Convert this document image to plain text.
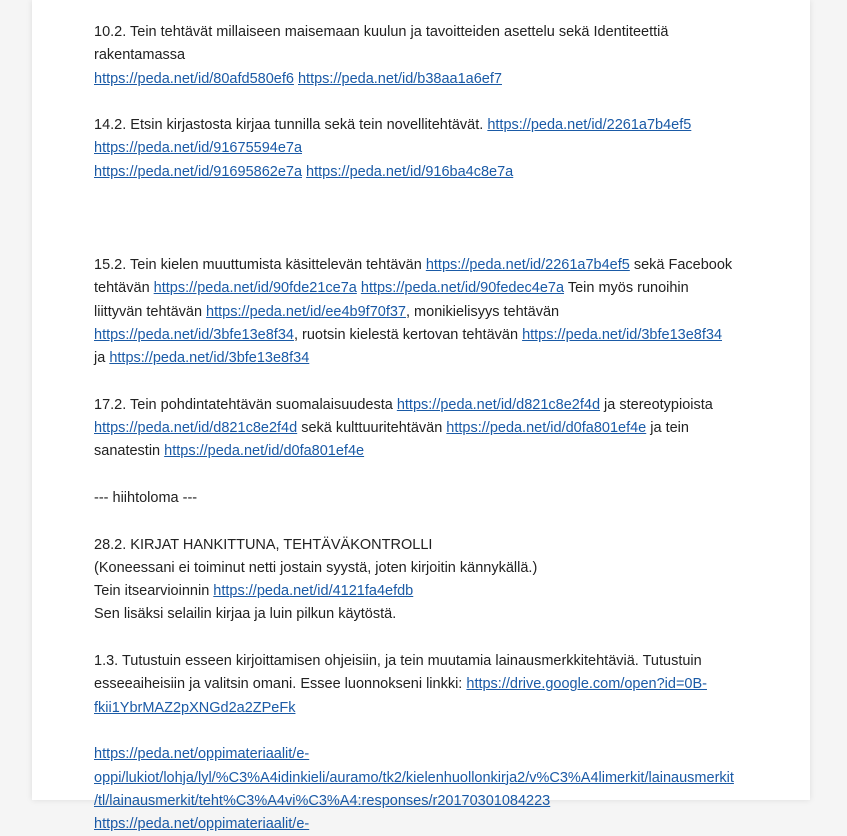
10.2. Tein tehtävät millaiseen maisemaan kuulun ja tavoitteiden asettelu sekä Identiteettiä
rakentamassa
https://peda.net/id/80afd580ef6 https://peda.net/id/b38aa1a6ef7
14.2. Etsin kirjastosta kirjaa tunnilla sekä tein novellitehtävät. https://peda.net/id/2261a7b4ef5
https://peda.net/id/91675594e7a
https://peda.net/id/91695862e7a https://peda.net/id/916ba4c8e7a
15.2. Tein kielen muuttumista käsittelevän tehtävän https://peda.net/id/2261a7b4ef5 sekä Facebook
tehtävän https://peda.net/id/90fde21ce7a https://peda.net/id/90fedec4e7a Tein myös runoihin
liittyvän tehtävän https://peda.net/id/ee4b9f70f37, monikielisyys tehtävän
https://peda.net/id/3bfe13e8f34, ruotsin kielestä kertovan tehtävän https://peda.net/id/3bfe13e8f34
ja https://peda.net/id/3bfe13e8f34
17.2. Tein pohdintatehtävän suomalaisuudesta https://peda.net/id/d821c8e2f4d ja stereotypioista
https://peda.net/id/d821c8e2f4d sekä kulttuuritehtävän https://peda.net/id/d0fa801ef4e ja tein
sanatestin https://peda.net/id/d0fa801ef4e
--- hiihtoloma ---
28.2. KIRJAT HANKITTUNA, TEHTÄVÄKONTROLLI
(Koneessani ei toiminut netti jostain syystä, joten kirjoitin kännykällä.)
Tein itsearvioinnin https://peda.net/id/4121fa4efdb
Sen lisäksi selailin kirjaa ja luin pilkun käytöstä.
1.3. Tutustuin esseen kirjoittamisen ohjeisiin, ja tein muutamia lainausmerkkitehtäviä. Tutustuin
esseeaiheisiin ja valitsin omani. Essee luonnokseni linkki: https://drive.google.com/open?id=0B-
fkii1YbrMAZ2pXNGd2a2ZPeFk
https://peda.net/oppimateriaalit/e-
oppi/lukiot/lohja/lyl/%C3%A4idinkieli/auramo/tk2/kielenhuollonkirja2/v%C3%A4limerkit/lainausmerkit
/tl/lainausmerkit/teht%C3%A4vi%C3%A4:responses/r20170301084223
https://peda.net/oppimateriaalit/e-
